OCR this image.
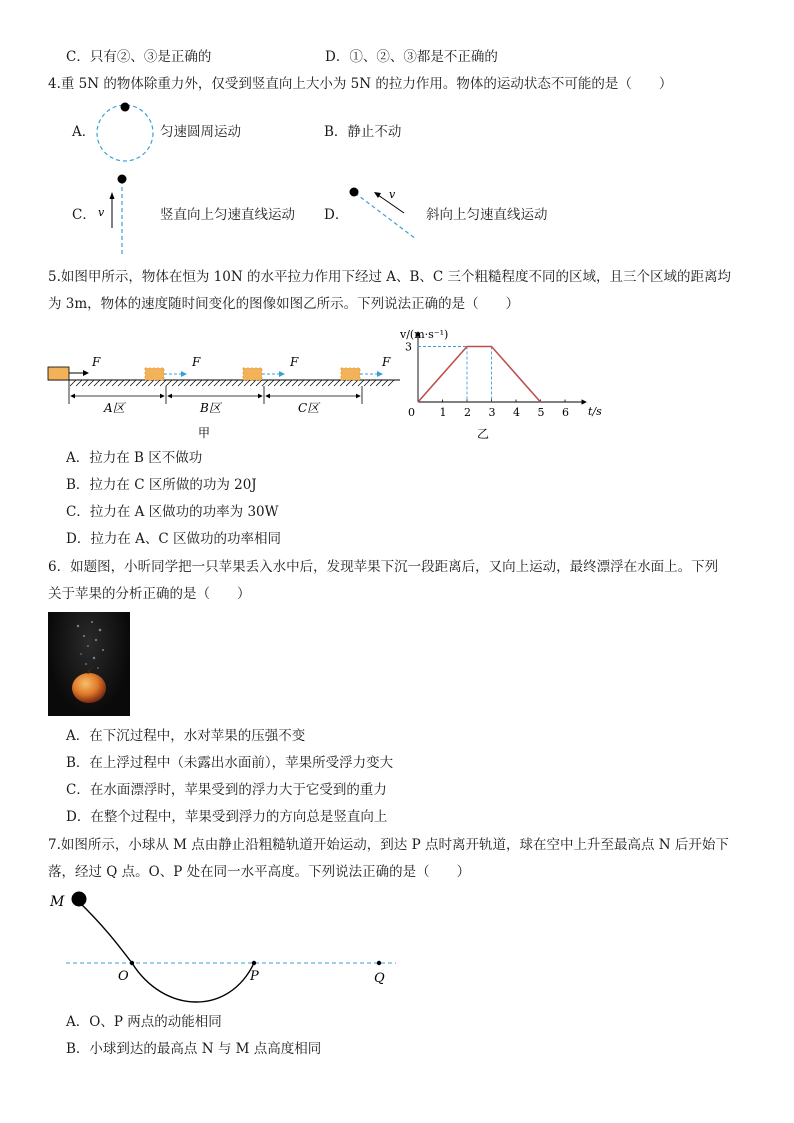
C．只有②、③是正确的	D．①、②、③都是不正确的
4.重 5N 的物体除重力外，仅受到竖直向上大小为 5N 的拉力作用。物体的运动状态不可能的是（　　）
A．	匀速圆周运动	B．静止不动
C． v	竖直向上匀速直线运动 D．
v
斜向上匀速直线运动
5.如图甲所示，物体在恒为 10N 的水平拉力作用下经过 A、B、C 三个粗糙程度不同的区域，且三个区域的距离均
为 3m，物体的速度随时间变化的图像如图乙所示。下列说法正确的是（　　）
F	F	F	F
A区	B区	C区
甲
v/(m·s⁻¹)
t/s
0 1 2 3 4 5 6
3
乙
A．拉力在 B 区不做功
B．拉力在 C 区所做的功为 20J
C．拉力在 A 区做功的功率为 30W
D．拉力在 A、C 区做功的功率相同
6．如题图，小昕同学把一只苹果丢入水中后，发现苹果下沉一段距离后，又向上运动，最终漂浮在水面上。下列
关于苹果的分析正确的是（　　）
A．在下沉过程中，水对苹果的压强不变
B．在上浮过程中（未露出水面前），苹果所受浮力变大
C．在水面漂浮时，苹果受到的浮力大于它受到的重力
D．在整个过程中，苹果受到浮力的方向总是竖直向上
7.如图所示，小球从 M 点由静止沿粗糙轨道开始运动，到达 P 点时离开轨道，球在空中上升至最高点 N 后开始下
落，经过 Q 点。O、P 处在同一水平高度。下列说法正确的是（　　）
M
O	P	Q
A．O、P 两点的动能相同
B．小球到达的最高点 N 与 M 点高度相同
